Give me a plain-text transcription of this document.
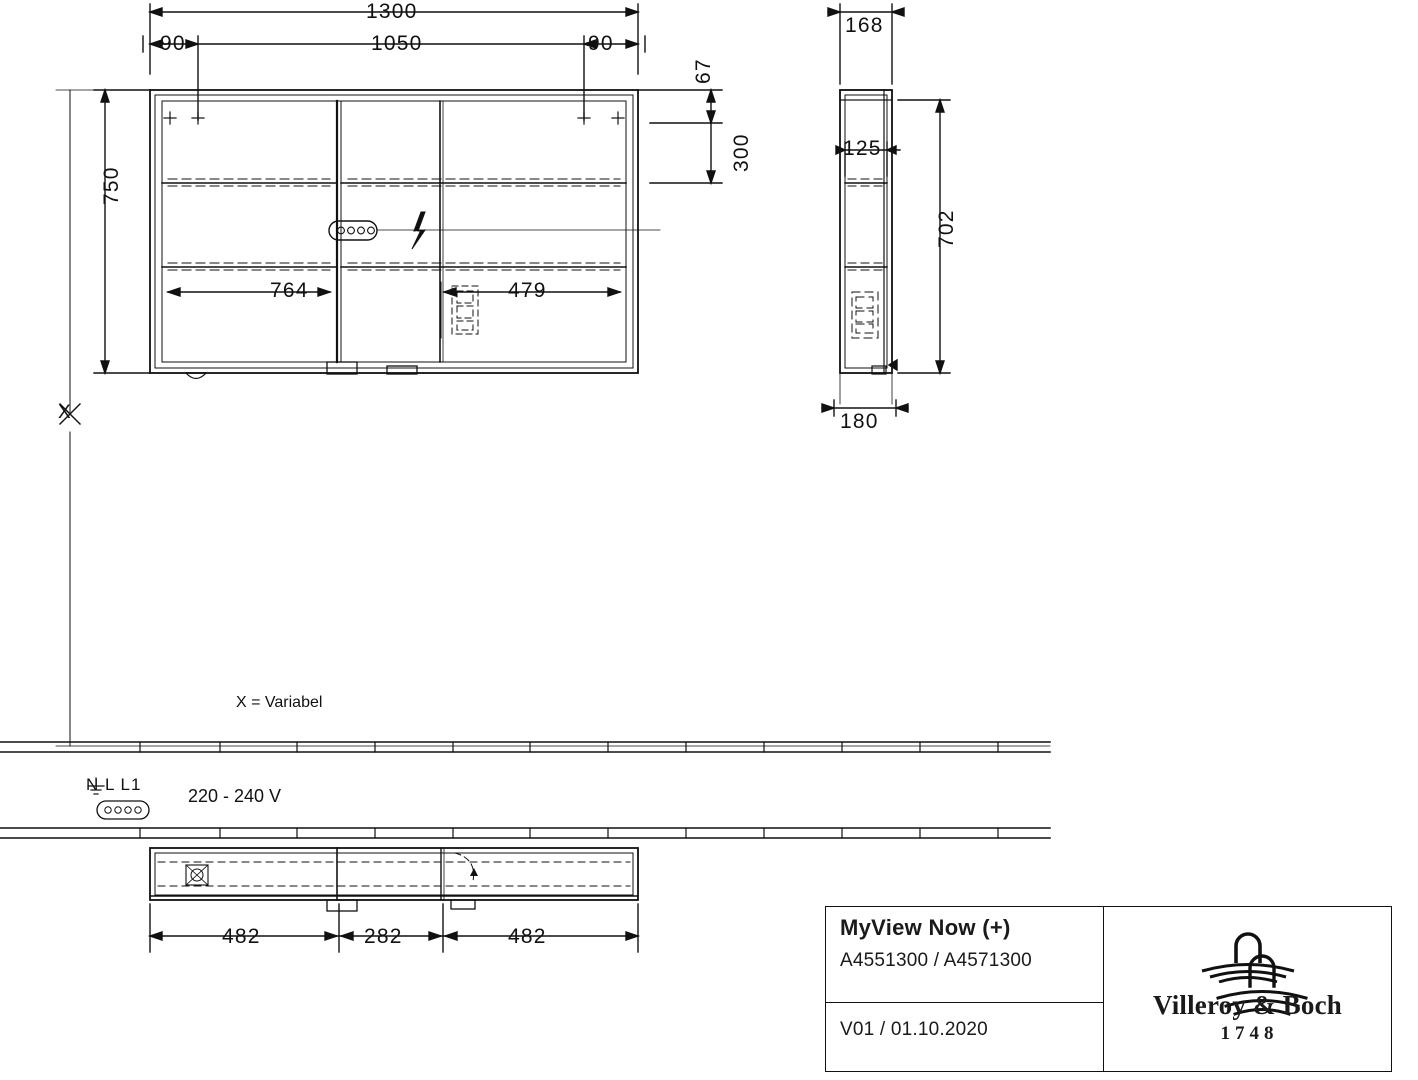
1300
1050
90	90
67
300
750
764	479
168
125
702
180
482	282	482
X
X = Variabel
N L L1
220 - 240 V
MyView Now (+)
A4551300 / A4571300
V01 / 01.10.2020
Villeroy & Boch
1748
